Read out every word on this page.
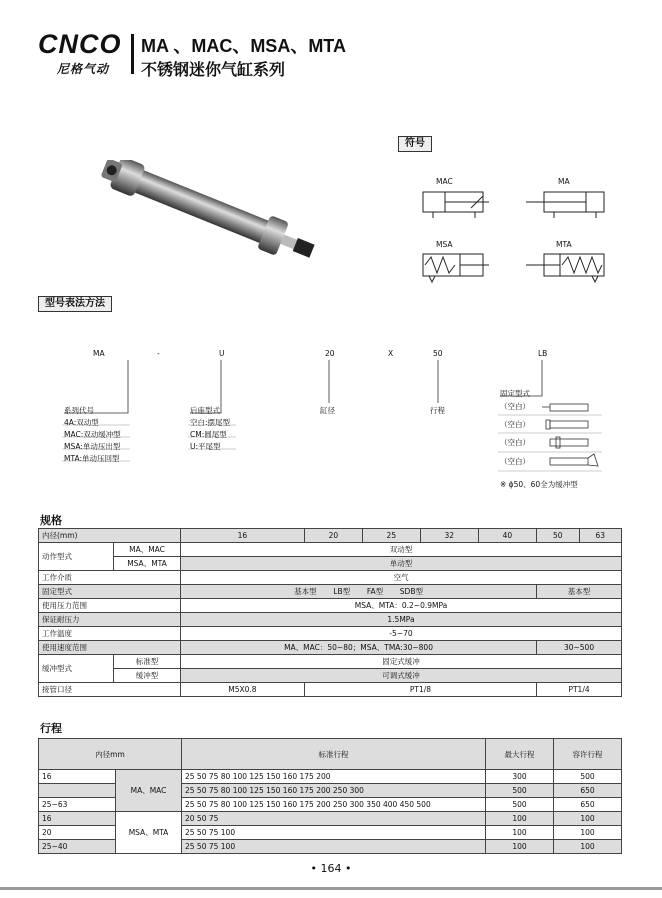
CNCO
尼格气动
MA 、MAC、MSA、MTA
不锈钢迷你气缸系列
符号
MAC	MA
MSA	MTA
型号表法方法
MA	-	U	20	X	50	LB
系列代号
4A:双动型
MAC:双动缓冲型
MSA:单动压出型
MTA:单动压回型
后座型式
空白:摆尾型
CM:圆尾型
U:平尾型
缸径	行程
固定型式
（空白）
（空白）
（空白）
（空白）
※ ϕ50、60全为缓冲型
规格
内径(mm)		16	20	25	32	40	50	63
动作型式	MA、MAC	双动型						
	MSA、MTA	单动型						
工作介质		空气						
固定型式		基本型 LB型 FA型 SDB型					基本型	
使用压力范围		MSA、MTA：0.2~0.9MPa						
保证耐压力		1.5MPa						
工作温度		-5~70						
使用速度范围		MA、MAC：50~80；MSA、TMA:30~800					30~500	
缓冲型式	标准型	固定式缓冲						
	缓冲型	可调式缓冲						
接管口径		M5X0.8	PT1/8				PT1/4	
行程
内径mm		标准行程	最大行程	容许行程
16	MA、MAC	25 50 75 80 100 125 150 160 175 200	300	500
		25 50 75 80 100 125 150 160 175 200 250 300	500	650
25~63		25 50 75 80 100 125 150 160 175 200 250 300 350 400 450 500	500	650
16	MSA、MTA	20 50 75	100	100
20		25 50 75 100	100	100
25~40		25 50 75 100	100	100
• 164 •
